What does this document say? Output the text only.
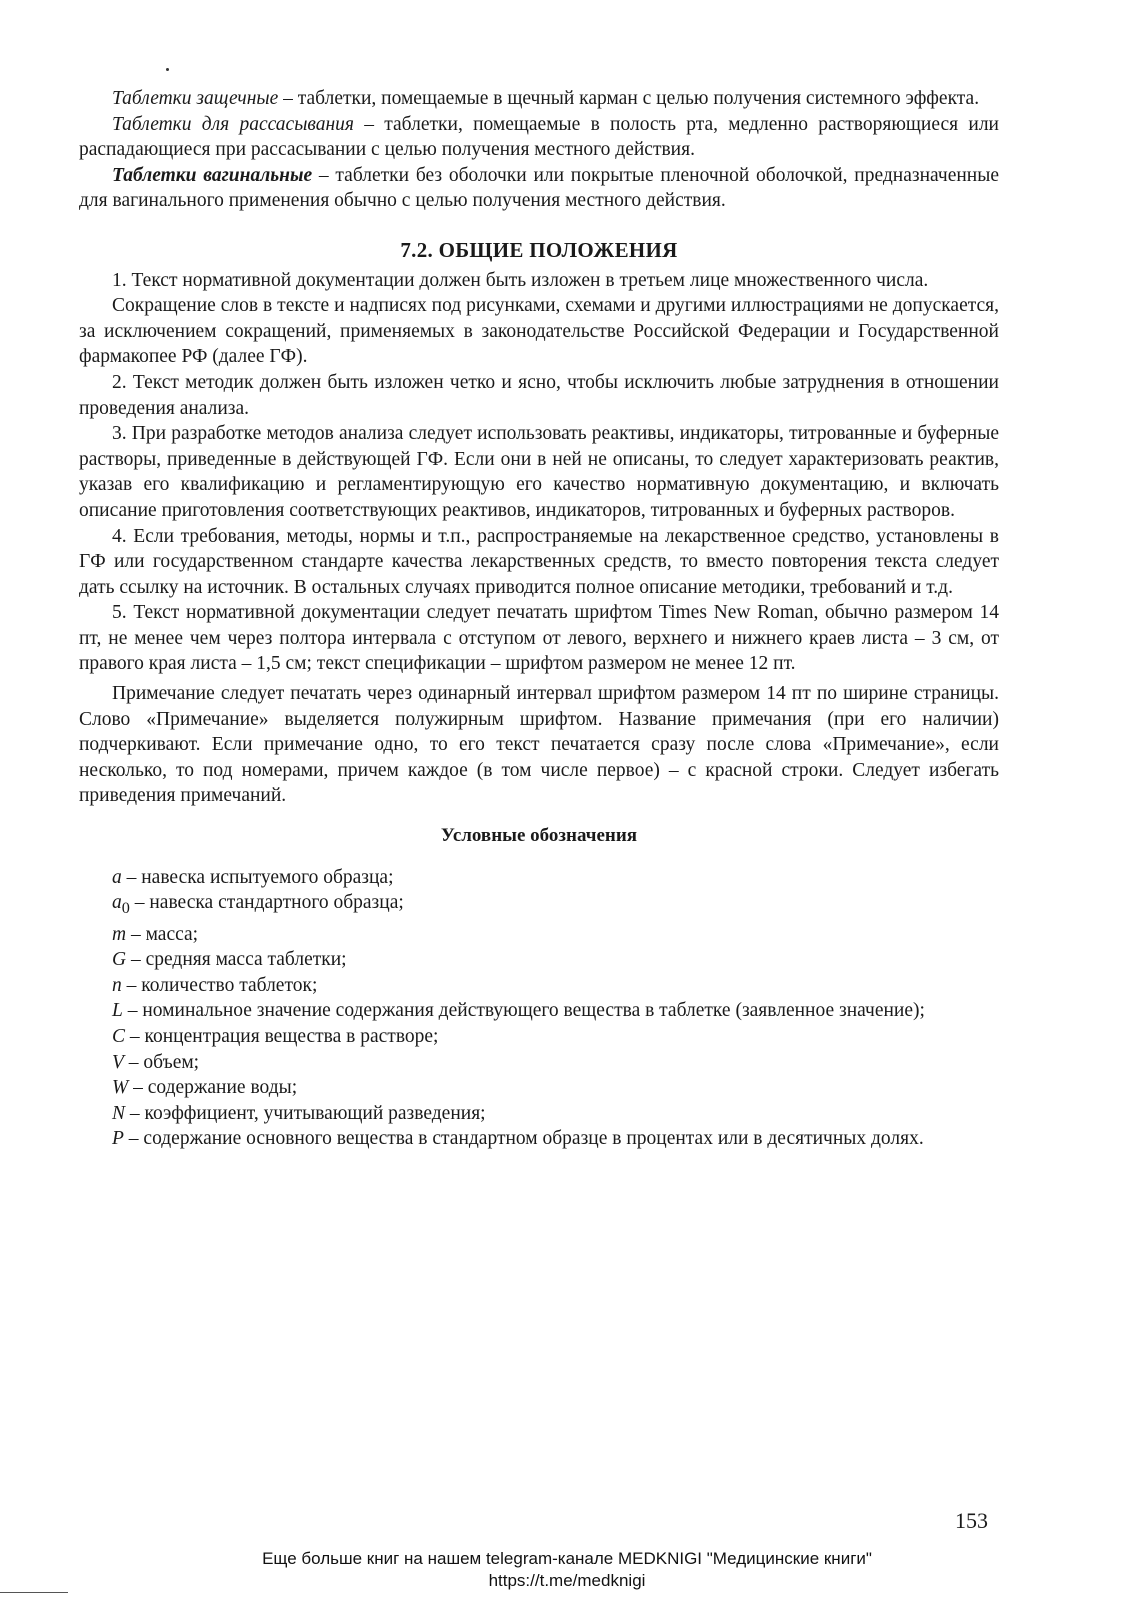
Таблетки защечные – таблетки, помещаемые в щечный карман с целью получения системного эффекта.

Таблетки для рассасывания – таблетки, помещаемые в полость рта, медленно растворяющиеся или распадающиеся при рассасывании с целью получения местного действия.

Таблетки вагинальные – таблетки без оболочки или покрытые пленочной оболочкой, предназначенные для вагинального применения обычно с целью получения местного действия.

7.2. ОБЩИЕ ПОЛОЖЕНИЯ

1. Текст нормативной документации должен быть изложен в третьем лице множественного числа.

Сокращение слов в тексте и надписях под рисунками, схемами и другими иллюстрациями не допускается, за исключением сокращений, применяемых в законодательстве Российской Федерации и Государственной фармакопее РФ (далее ГФ).

2. Текст методик должен быть изложен четко и ясно, чтобы исключить любые затруднения в отношении проведения анализа.

3. При разработке методов анализа следует использовать реактивы, индикаторы, титрованные и буферные растворы, приведенные в действующей ГФ. Если они в ней не описаны, то следует характеризовать реактив, указав его квалификацию и регламентирующую его качество нормативную документацию, и включать описание приготовления соответствующих реактивов, индикаторов, титрованных и буферных растворов.

4. Если требования, методы, нормы и т.п., распространяемые на лекарственное средство, установлены в ГФ или государственном стандарте качества лекарственных средств, то вместо повторения текста следует дать ссылку на источник. В остальных случаях приводится полное описание методики, требований и т.д.

5. Текст нормативной документации следует печатать шрифтом Times New Roman, обычно размером 14 пт, не менее чем через полтора интервала с отступом от левого, верхнего и нижнего краев листа – 3 см, от правого края листа – 1,5 см; текст спецификации – шрифтом размером не менее 12 пт.

Примечание следует печатать через одинарный интервал шрифтом размером 14 пт по ширине страницы. Слово «Примечание» выделяется полужирным шрифтом. Название примечания (при его наличии) подчеркивают. Если примечание одно, то его текст печатается сразу после слова «Примечание», если несколько, то под номерами, причем каждое (в том числе первое) – с красной строки. Следует избегать приведения примечаний.

Условные обозначения

a – навеска испытуемого образца;

$a_0$ – навеска стандартного образца;

m – масса;

G – средняя масса таблетки;

n – количество таблеток;

L – номинальное значение содержания действующего вещества в таблетке (заявленное значение);

C – концентрация вещества в растворе;

V – объем;

W – содержание воды;

N – коэффициент, учитывающий разведения;

P – содержание основного вещества в стандартном образце в процентах или в десятичных долях.

153
Еще больше книг на нашем telegram-канале MEDKNIGI "Медицинские книги"
https://t.me/medknigi
